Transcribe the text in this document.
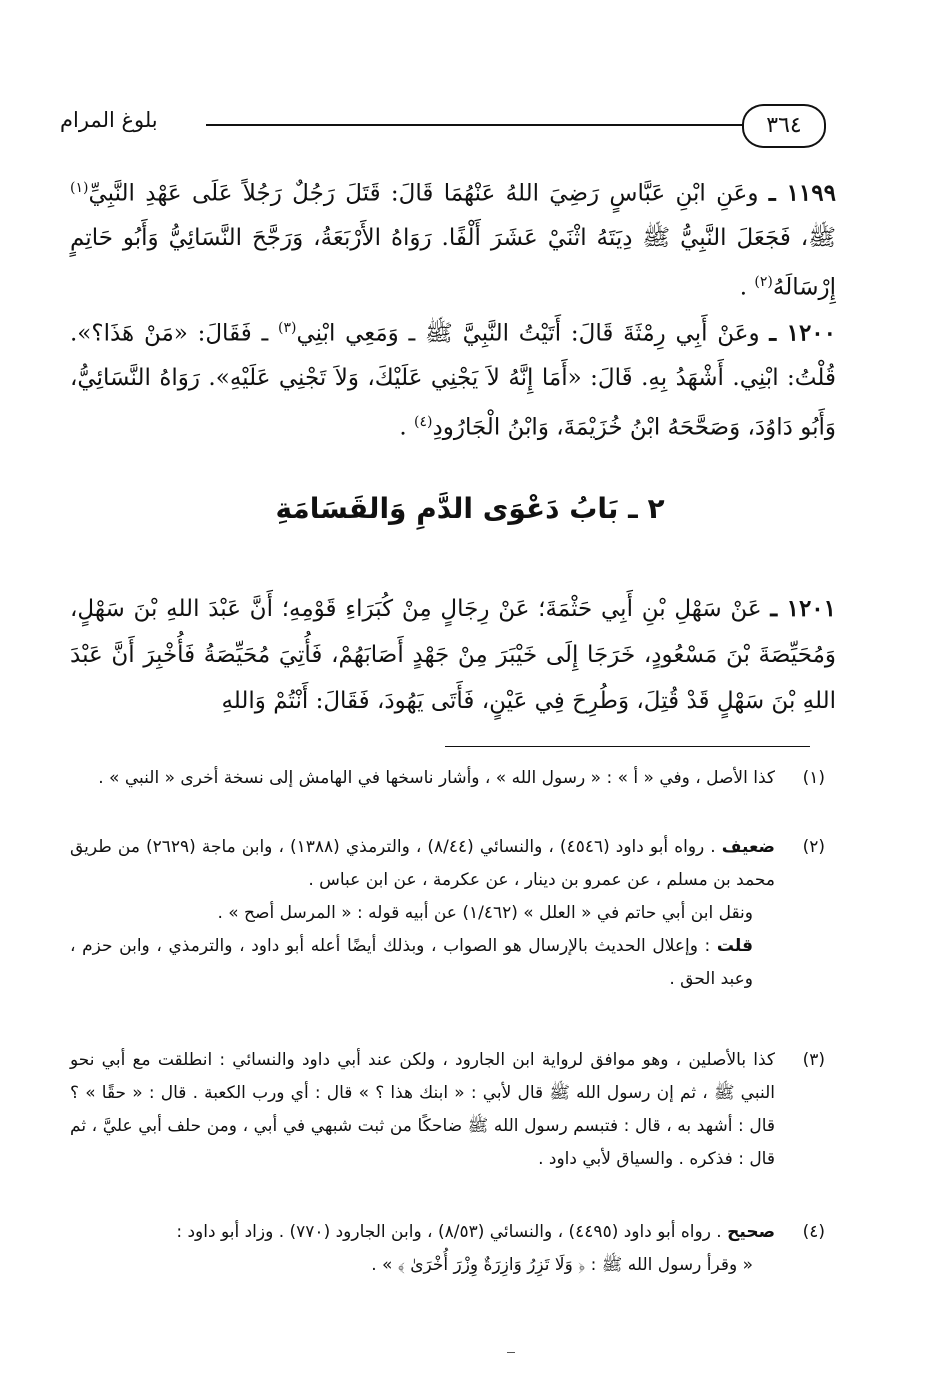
بلوغ المرام	٣٦٤
١١٩٩ ـ وعَنِ ابْنِ عَبَّاسٍ رَضِيَ اللهُ عَنْهُمَا قَالَ: قَتَلَ رَجُلٌ رَجُلاً عَلَى عَهْدِ النَّبِيِّ$^{(١)}$ ﷺ، فَجَعَلَ النَّبِيُّ ﷺ دِيَتَهُ اثْنَيْ عَشَرَ أَلْفًا. رَوَاهُ الأَرْبَعَةُ، وَرَجَّحَ النَّسَائِيُّ وَأَبُو حَاتِمٍ إِرْسَالَهُ$^{(٢)}$ .
١٢٠٠ ـ وعَنْ أَبِي رِمْثَةَ قَالَ: أَتَيْتُ النَّبِيَّ ﷺ ـ وَمَعِي ابْنِي$^{(٣)}$ ـ فَقَالَ: «مَنْ هَذَا؟». قُلْتُ: ابْنِي. أَشْهَدُ بِهِ. قَالَ: «أَمَا إِنَّهُ لاَ يَجْنِي عَلَيْكَ، وَلاَ تَجْنِي عَلَيْهِ». رَوَاهُ النَّسَائِيُّ، وَأَبُو دَاوُدَ، وَصَحَّحَهُ ابْنُ خُزَيْمَةَ، وَابْنُ الْجَارُودِ$^{(٤)}$ .
٢ ـ بَابُ دَعْوَى الدَّمِ وَالقَسَامَةِ
١٢٠١ ـ عَنْ سَهْلِ بْنِ أَبِي حَثْمَةَ؛ عَنْ رِجَالٍ مِنْ كُبَرَاءِ قَوْمِهِ؛ أَنَّ عَبْدَ اللهِ بْنَ سَهْلٍ، وَمُحَيِّصَةَ بْنَ مَسْعُودٍ، خَرَجَا إِلَى خَيْبَرَ مِنْ جَهْدٍ أَصَابَهُمْ، فَأُتِيَ مُحَيِّصَةُ فَأُخْبِرَ أَنَّ عَبْدَ اللهِ بْنَ سَهْلٍ قَدْ قُتِلَ، وَطُرِحَ فِي عَيْنٍ، فَأَتَى يَهُودَ، فَقَالَ: أَنْتُمْ وَاللهِ
(١)

كذا الأصل ، وفي « أ » : « رسول الله » ، وأشار ناسخها في الهامش إلى نسخة أخرى « النبي » .

(٢)

ضعيف . رواه أبو داود (٤٥٤٦) ، والنسائي (٨/٤٤) ، والترمذي (١٣٨٨) ، وابن ماجة (٢٦٢٩) من طريق محمد بن مسلم ، عن عمرو بن دينار ، عن عكرمة ، عن ابن عباس .

ونقل ابن أبي حاتم في « العلل » (١/٤٦٢) عن أبيه قوله : « المرسل أصح » .

قلت : وإعلال الحديث بالإرسال هو الصواب ، وبذلك أيضًا أعله أبو داود ، والترمذي ، وابن حزم ، وعبد الحق .

(٣)

كذا بالأصلين ، وهو موافق لرواية ابن الجارود ، ولكن عند أبي داود والنسائي : انطلقت مع أبي نحو النبي ﷺ ، ثم إن رسول الله ﷺ قال لأبي : « ابنك هذا ؟ » قال : أي ورب الكعبة . قال : « حقًا » ؟ قال : أشهد به ، قال : فتبسم رسول الله ﷺ ضاحكًا من ثبت شبهي في أبي ، ومن حلف أبي عليَّ ، ثم قال : فذكره . والسياق لأبي داود .

(٤)

صحيح . رواه أبو داود (٤٤٩٥) ، والنسائي (٨/٥٣) ، وابن الجارود (٧٧٠) . وزاد أبو داود :

« وقرأ رسول الله ﷺ : ﴿ وَلَا تَزِرُ وَازِرَةٌ وِزْرَ أُخْرَىٰ ﴾ » .
